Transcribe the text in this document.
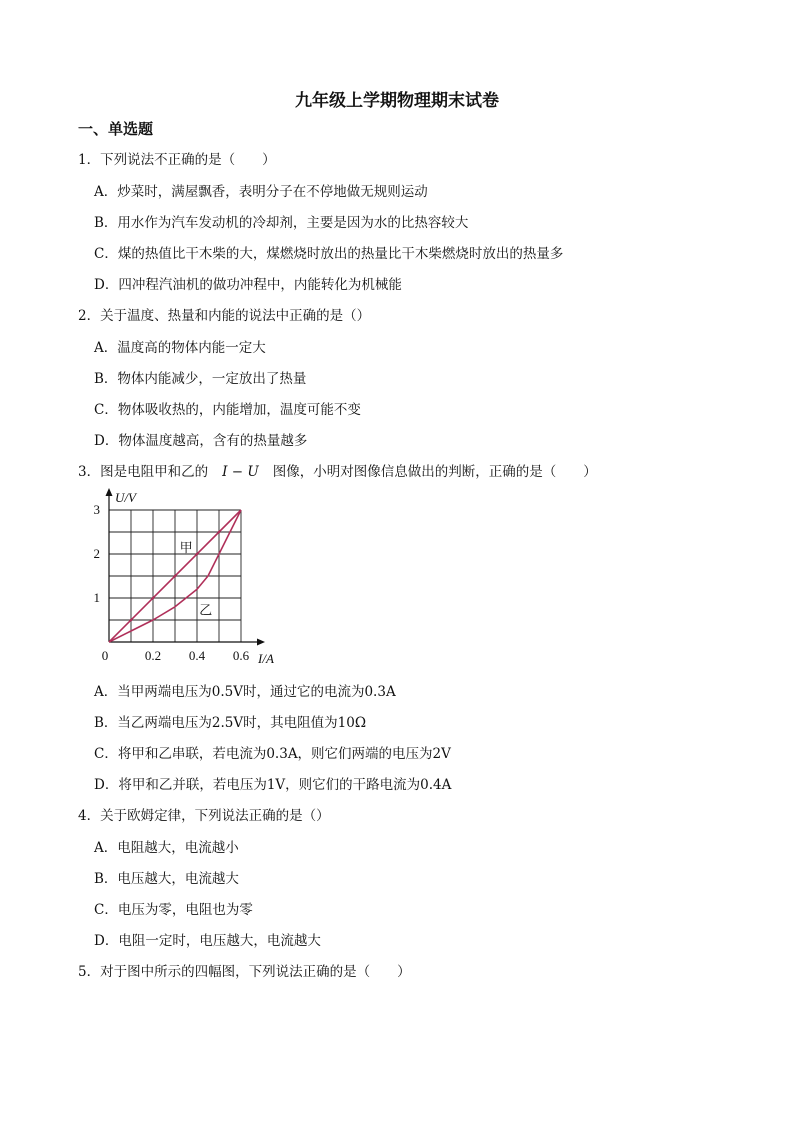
九年级上学期物理期末试卷
一、单选题
1．下列说法不正确的是（　　）
A．炒菜时，满屋飘香，表明分子在不停地做无规则运动
B．用水作为汽车发动机的冷却剂，主要是因为水的比热容较大
C．煤的热值比干木柴的大，煤燃烧时放出的热量比干木柴燃烧时放出的热量多
D．四冲程汽油机的做功冲程中，内能转化为机械能
2．关于温度、热量和内能的说法中正确的是（）
A．温度高的物体内能一定大
B．物体内能减少，一定放出了热量
C．物体吸收热的，内能增加，温度可能不变
D．物体温度越高，含有的热量越多
3．图是电阻甲和乙的 I − U 图像，小明对图像信息做出的判断，正确的是（　　）
0	0.2 0.4 0.6
1
2
3
甲
乙
U/V
I/A
A．当甲两端电压为0.5V时，通过它的电流为0.3A
B．当乙两端电压为2.5V时，其电阻值为10Ω
C．将甲和乙串联，若电流为0.3A，则它们两端的电压为2V
D．将甲和乙并联，若电压为1V，则它们的干路电流为0.4A
4．关于欧姆定律，下列说法正确的是（）
A．电阻越大，电流越小
B．电压越大，电流越大
C．电压为零，电阻也为零
D．电阻一定时，电压越大，电流越大
5．对于图中所示的四幅图，下列说法正确的是（　　）
